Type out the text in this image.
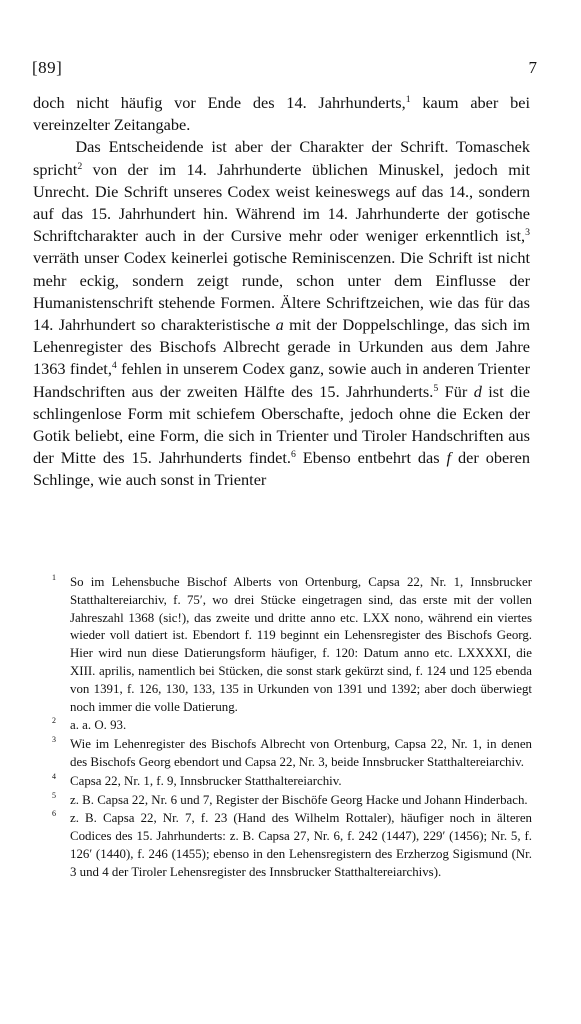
[89]	7

doch nicht häufig vor Ende des 14. Jahrhunderts,$^1$ kaum aber bei vereinzelter Zeitangabe.

Das Entscheidende ist aber der Charakter der Schrift. Tomaschek spricht$^2$ von der im 14. Jahrhunderte üblichen Minuskel, jedoch mit Unrecht. Die Schrift unseres Codex weist keineswegs auf das 14., sondern auf das 15. Jahrhundert hin. Während im 14. Jahrhunderte der gotische Schriftcharakter auch in der Cursive mehr oder weniger erkenntlich ist,$^3$ verräth unser Codex keinerlei gotische Reminiscenzen. Die Schrift ist nicht mehr eckig, sondern zeigt runde, schon unter dem Einflusse der Humanistenschrift stehende Formen. Ältere Schriftzeichen, wie das für das 14. Jahrhundert so charakteristische a mit der Doppelschlinge, das sich im Lehenregister des Bischofs Albrecht gerade in Urkunden aus dem Jahre 1363 findet,$^4$ fehlen in unserem Codex ganz, sowie auch in anderen Trienter Handschriften aus der zweiten Hälfte des 15. Jahrhunderts.$^5$ Für d ist die schlingenlose Form mit schiefem Oberschafte, jedoch ohne die Ecken der Gotik beliebt, eine Form, die sich in Trienter und Tiroler Handschriften aus der Mitte des 15. Jahrhunderts findet.$^6$ Ebenso entbehrt das f der oberen Schlinge, wie auch sonst in Trienter

1 So im Lehensbuche Bischof Alberts von Ortenburg, Capsa 22, Nr. 1, Innsbrucker Statthaltereiarchiv, f. 75′, wo drei Stücke eingetragen sind, das erste mit der vollen Jahreszahl 1368 (sic!), das zweite und dritte anno etc. LXX nono, während ein viertes wieder voll datiert ist. Ebendort f. 119 beginnt ein Lehensregister des Bischofs Georg. Hier wird nun diese Datierungsform häufiger, f. 120: Datum anno etc. LXXXXI, die XIII. aprilis, namentlich bei Stücken, die sonst stark gekürzt sind, f. 124 und 125 ebenda von 1391, f. 126, 130, 133, 135 in Urkunden von 1391 und 1392; aber doch überwiegt noch immer die volle Datierung.
2 a. a. O. 93.
3 Wie im Lehenregister des Bischofs Albrecht von Ortenburg, Capsa 22, Nr. 1, in denen des Bischofs Georg ebendort und Capsa 22, Nr. 3, beide Innsbrucker Statthaltereiarchiv.
4 Capsa 22, Nr. 1, f. 9, Innsbrucker Statthaltereiarchiv.
5 z. B. Capsa 22, Nr. 6 und 7, Register der Bischöfe Georg Hacke und Johann Hinderbach.
6 z. B. Capsa 22, Nr. 7, f. 23 (Hand des Wilhelm Rottaler), häufiger noch in älteren Codices des 15. Jahrhunderts: z. B. Capsa 27, Nr. 6, f. 242 (1447), 229′ (1456); Nr. 5, f. 126′ (1440), f. 246 (1455); ebenso in den Lehensregistern des Erzherzog Sigismund (Nr. 3 und 4 der Tiroler Lehensregister des Innsbrucker Statthaltereiarchivs).
